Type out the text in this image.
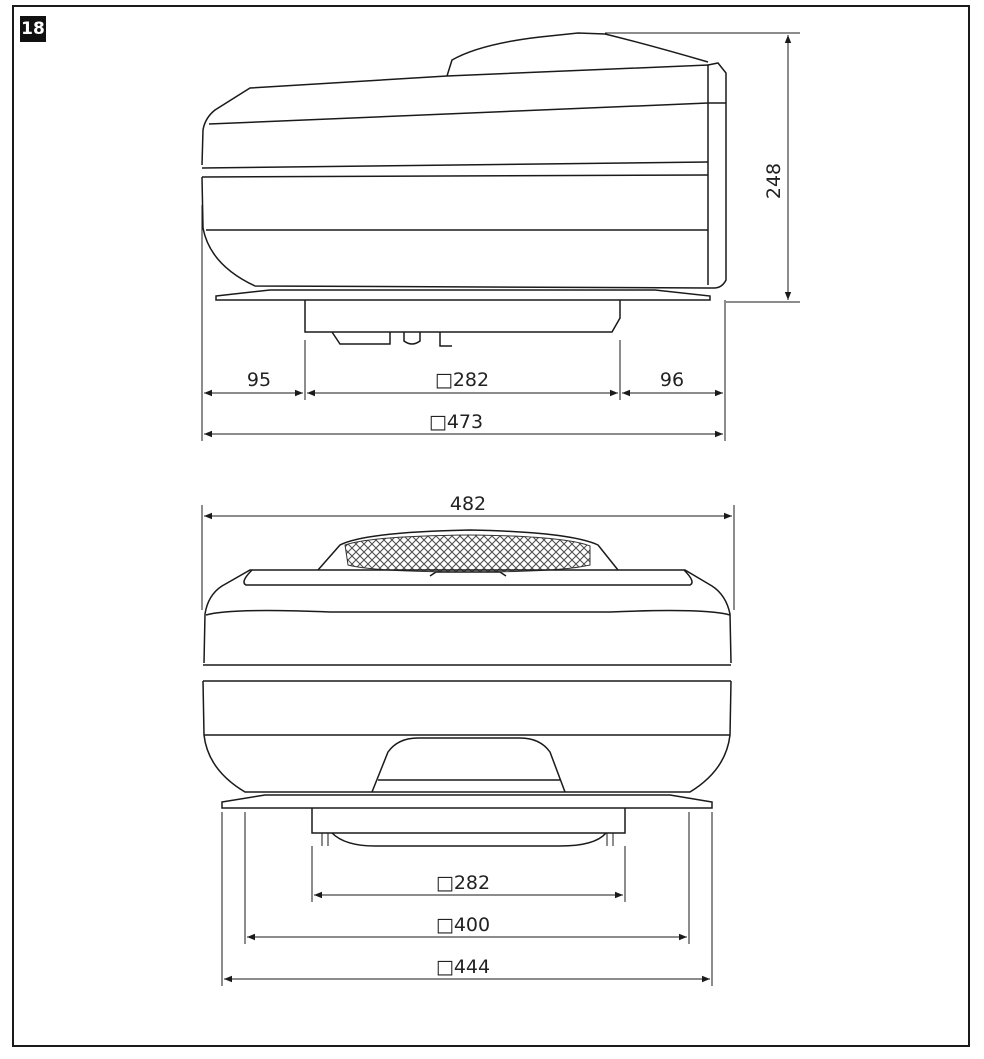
18
248
95	□282	96
□473
482
□282
□400
□444
